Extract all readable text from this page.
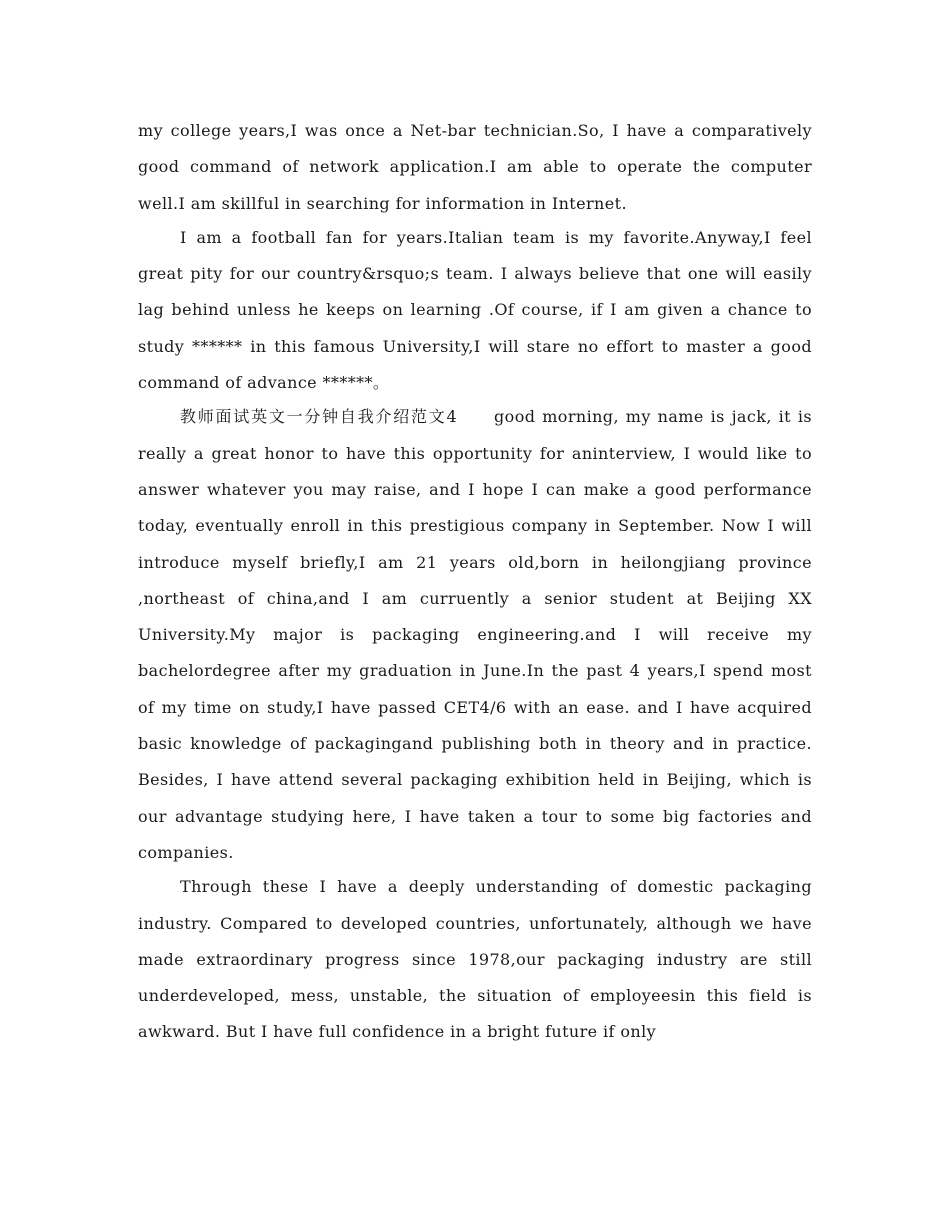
my college years,I was once a Net-bar technician.So, I have a comparatively good command of network application.I am able to operate the computer well.I am skillful in searching for information in Internet.

I am a football fan for years.Italian team is my favorite.Anyway,I feel great pity for our country&rsquo;s team. I always believe that one will easily lag behind unless he keeps on learning .Of course, if I am given a chance to study ****** in this famous University,I will stare no effort to master a good command of advance ******。

教师面试英文一分钟自我介绍范文4　　good morning, my name is jack, it is really a great honor to have this opportunity for aninterview, I would like to answer whatever you may raise, and I hope I can make a good performance today, eventually enroll in this prestigious company in September. Now I will introduce myself briefly,I am 21 years old,born in heilongjiang province ,northeast of china,and I am curruently a senior student at Beijing XX University.My major is packaging engineering.and I will receive my bachelordegree after my graduation in June.In the past 4 years,I spend most of my time on study,I have passed CET4/6 with an ease. and I have acquired basic knowledge of packagingand publishing both in theory and in practice. Besides, I have attend several packaging exhibition held in Beijing, which is our advantage studying here, I have taken a tour to some big factories and companies.

Through these I have a deeply understanding of domestic packaging industry. Compared to developed countries, unfortunately, although we have made extraordinary progress since 1978,our packaging industry are still underdeveloped, mess, unstable, the situation of employeesin this field is awkward. But I have full confidence in a bright future if only
